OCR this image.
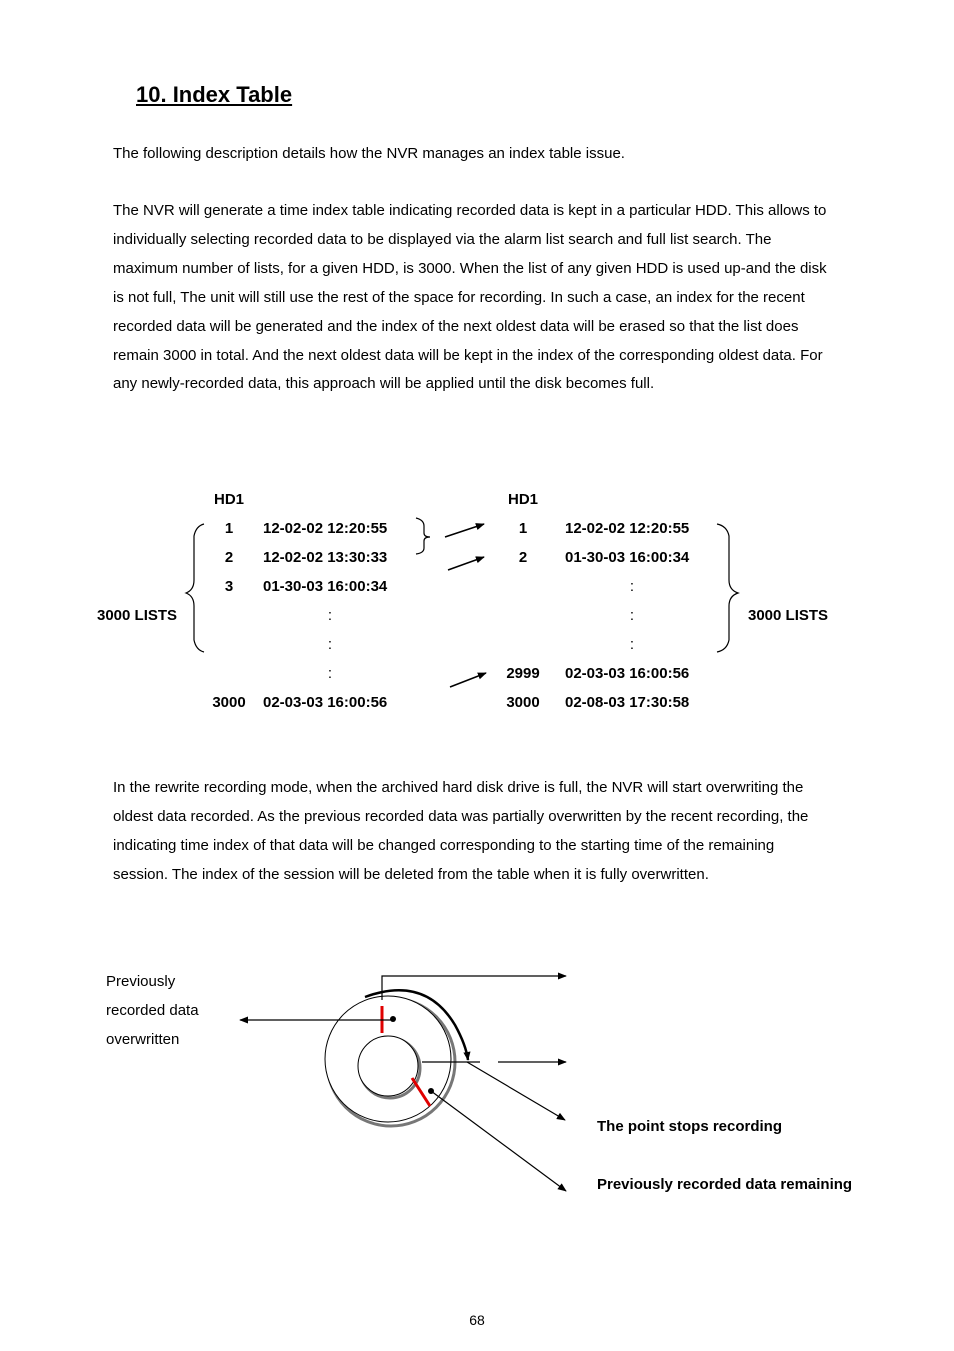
10. Index Table
The following description details how the NVR manages an index table issue.
The NVR will generate a time index table indicating recorded data is kept in a particular HDD. This allows to individually selecting recorded data to be displayed via the alarm list search and full list search. The maximum number of lists, for a given HDD, is 3000. When the list of any given HDD is used up-and the disk is not full, The unit will still use the rest of the space for recording. In such a case, an index for the recent recorded data will be generated and the index of the next oldest data will be erased so that the list does remain 3000 in total. And the next oldest data will be kept in the index of the corresponding oldest data. For any newly-recorded data, this approach will be applied until the disk becomes full.
HD1	HD1
1 12-02-02 12:20:55
2 12-02-02 13:30:33
3 01-30-03 16:00:34
:
:
:
3000 02-03-03 16:00:56
1	12-02-02 12:20:55
2	01-30-03 16:00:34
:
:
:
2999 02-03-03 16:00:56
3000 02-08-03 17:30:58
3000 LISTS	3000 LISTS
In the rewrite recording mode, when the archived hard disk drive is full, the NVR will start overwriting the oldest data recorded. As the previous recorded data was partially overwritten by the recent recording, the indicating time index of that data will be changed corresponding to the starting time of the remaining session. The index of the session will be deleted from the table when it is fully overwritten.
Previously
recorded data
overwritten
The point stops recording
Previously recorded data remaining
68
